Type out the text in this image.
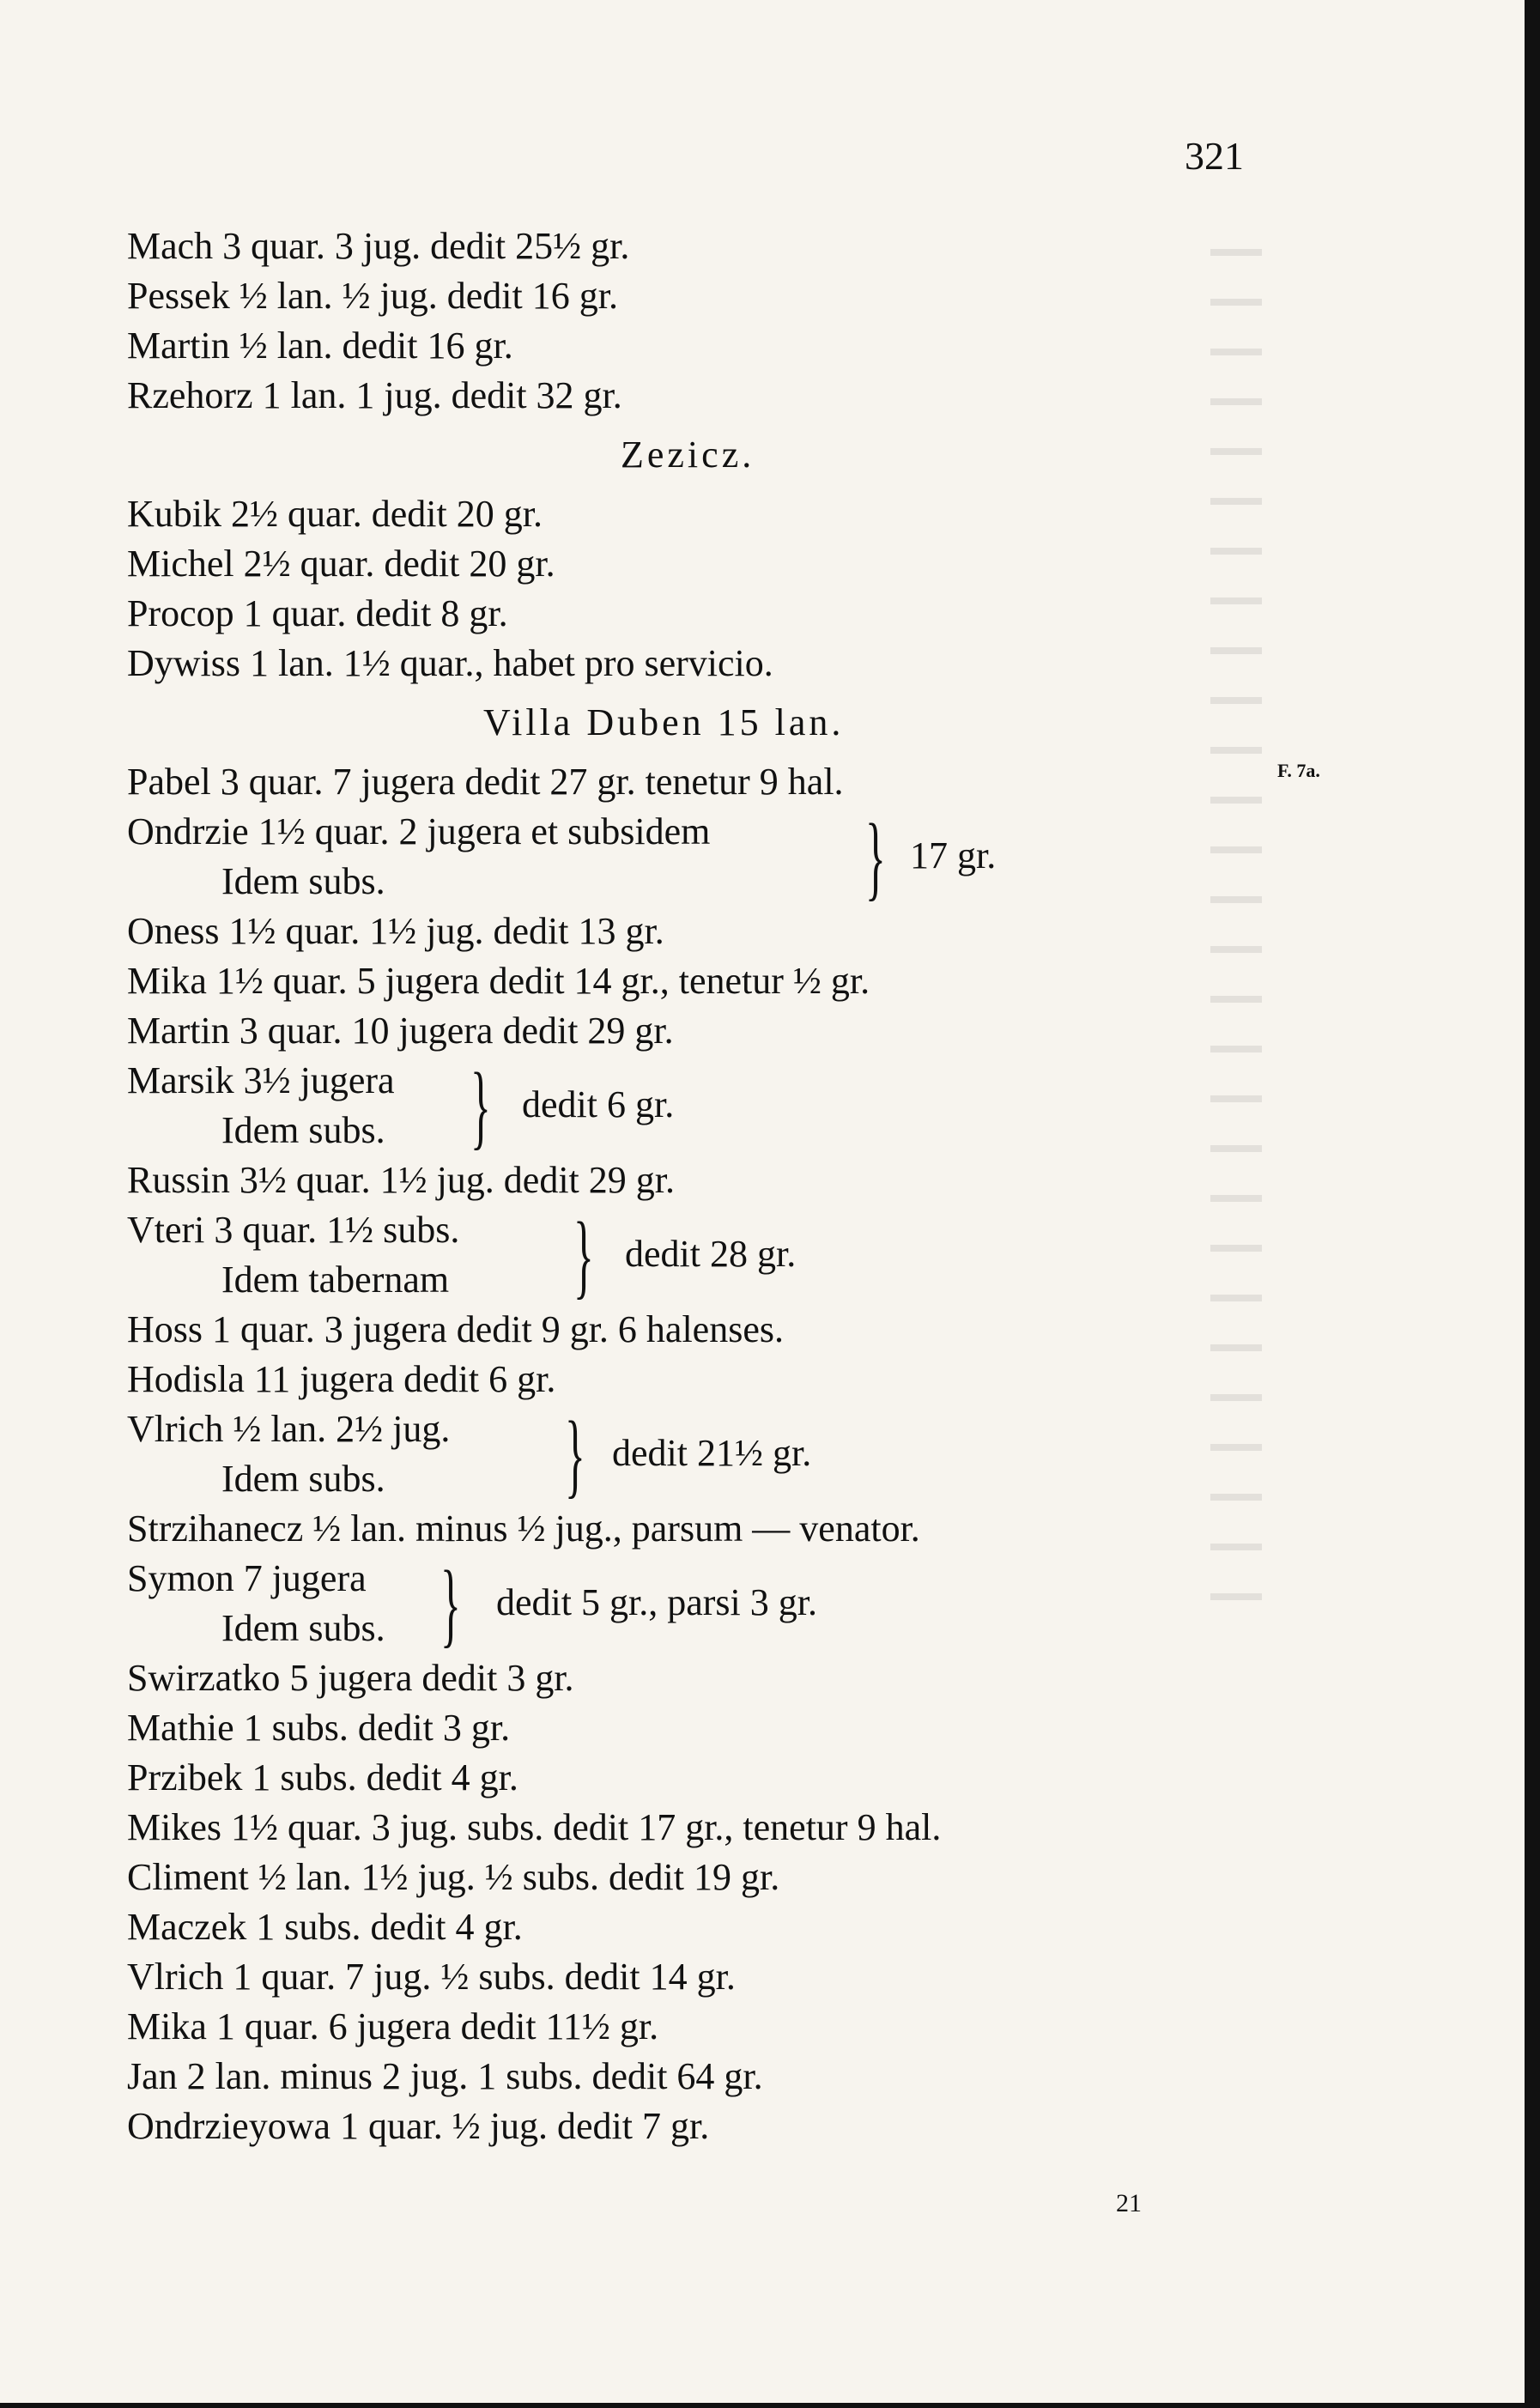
321
F. 7a.
Mach 3 quar. 3 jug. dedit 25½ gr.
Pessek ½ lan. ½ jug. dedit 16 gr.
Martin ½ lan. dedit 16 gr.
Rzehorz 1 lan. 1 jug. dedit 32 gr.
Zezicz.
Kubik 2½ quar. dedit 20 gr.
Michel 2½ quar. dedit 20 gr.
Procop 1 quar. dedit 8 gr.
Dywiss 1 lan. 1½ quar., habet pro servicio.
Villa Duben 15 lan.
Pabel 3 quar. 7 jugera dedit 27 gr. tenetur 9 hal.
Ondrzie 1½ quar. 2 jugera et subsidem
Idem subs.	} 17 gr.
Oness 1½ quar. 1½ jug. dedit 13 gr.
Mika 1½ quar. 5 jugera dedit 14 gr., tenetur ½ gr.
Martin 3 quar. 10 jugera dedit 29 gr.
Marsik 3½ jugera
Idem subs. } dedit 6 gr.
Russin 3½ quar. 1½ jug. dedit 29 gr.
Vteri 3 quar. 1½ subs.
Idem tabernam } dedit 28 gr.
Hoss 1 quar. 3 jugera dedit 9 gr. 6 halenses.
Hodisla 11 jugera dedit 6 gr.
Vlrich ½ lan. 2½ jug.
Idem subs. } dedit 21½ gr.
Strzihanecz ½ lan. minus ½ jug., parsum — venator.
Symon 7 jugera
Idem subs. } dedit 5 gr., parsi 3 gr.
Swirzatko 5 jugera dedit 3 gr.
Mathie 1 subs. dedit 3 gr.
Przibek 1 subs. dedit 4 gr.
Mikes 1½ quar. 3 jug. subs. dedit 17 gr., tenetur 9 hal.
Climent ½ lan. 1½ jug. ½ subs. dedit 19 gr.
Maczek 1 subs. dedit 4 gr.
Vlrich 1 quar. 7 jug. ½ subs. dedit 14 gr.
Mika 1 quar. 6 jugera dedit 11½ gr.
Jan 2 lan. minus 2 jug. 1 subs. dedit 64 gr.
Ondrzieyowa 1 quar. ½ jug. dedit 7 gr.
21
